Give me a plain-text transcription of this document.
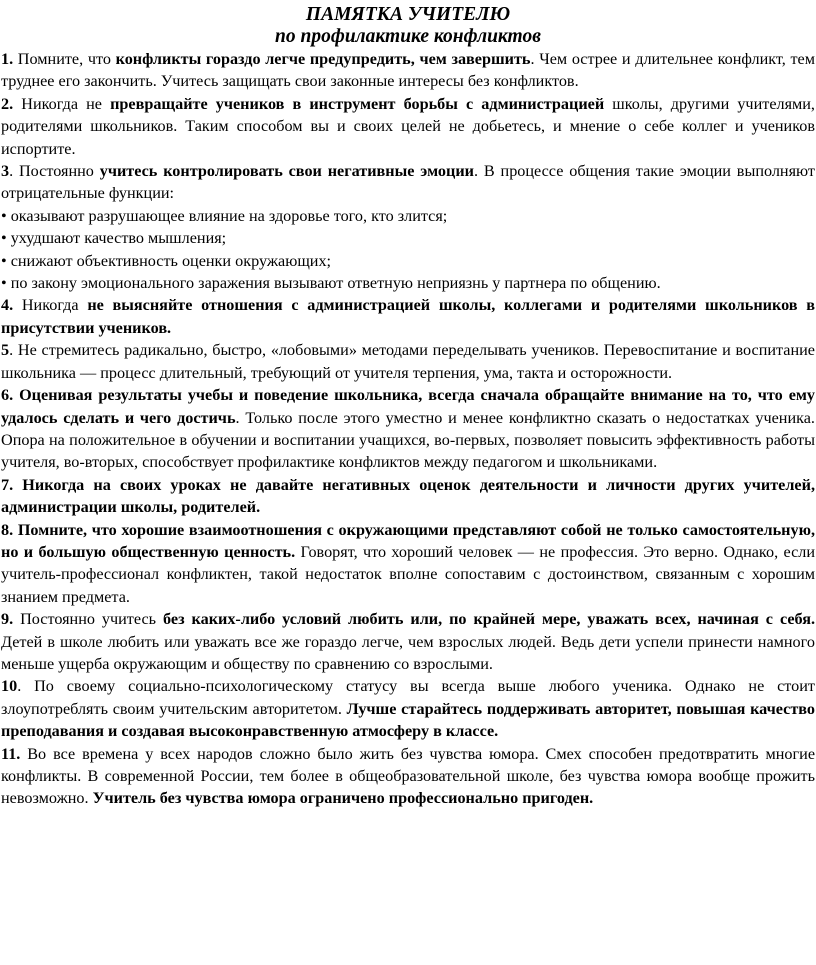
ПАМЯТКА УЧИТЕЛЮ

по профилактике конфликтов

1. Помните, что конфликты гораздо легче предупредить, чем завершить. Чем острее и длительнее конфликт, тем труднее его закончить. Учитесь защищать свои законные интересы без конфликтов.

2. Никогда не превращайте учеников в инструмент борьбы с администрацией школы, другими учителями, родителями школьников. Таким способом вы и своих целей не добьетесь, и мнение о себе коллег и учеников испортите.

3. Постоянно учитесь контролировать свои негативные эмоции. В процессе общения такие эмоции выполняют отрицательные функции:

• оказывают разрушающее влияние на здоровье того, кто злится;

• ухудшают качество мышления;

• снижают объективность оценки окружающих;

• по закону эмоционального заражения вызывают ответную неприязнь у партнера по общению.

4. Никогда не выясняйте отношения с администрацией школы, коллегами и родителями школьников в присутствии учеников.

5. Не стремитесь радикально, быстро, «лобовыми» методами переделывать учеников. Перевоспитание и воспитание школьника — процесс длительный, требующий от учителя терпения, ума, такта и осторожности.

6. Оценивая результаты учебы и поведение школьника, всегда сначала обращайте внимание на то, что ему удалось сделать и чего достичь. Только после этого уместно и менее конфликтно сказать о недостатках ученика. Опора на положительное в обучении и воспитании учащихся, во-первых, позволяет повысить эффективность работы учителя, во-вторых, способствует профилактике конфликтов между педагогом и школьниками.

7. Никогда на своих уроках не давайте негативных оценок деятельности и личности других учителей, администрации школы, родителей.

8. Помните, что хорошие взаимоотношения с окружающими представляют собой не только самостоятельную, но и большую общественную ценность. Говорят, что хороший человек — не профессия. Это верно. Однако, если учитель-профессионал конфликтен, такой недостаток вполне сопоставим с достоинством, связанным с хорошим знанием предмета.

9. Постоянно учитесь без каких-либо условий любить или, по крайней мере, уважать всех, начиная с себя. Детей в школе любить или уважать все же гораздо легче, чем взрослых людей. Ведь дети успели принести намного меньше ущерба окружающим и обществу по сравнению со взрослыми.

10. По своему социально-психологическому статусу вы всегда выше любого ученика. Однако не стоит злоупотреблять своим учительским авторитетом. Лучше старайтесь поддерживать авторитет, повышая качество преподавания и создавая высоконравственную атмосферу в классе.

11. Во все времена у всех народов сложно было жить без чувства юмора. Смех способен предотвратить многие конфликты. В современной России, тем более в общеобразовательной школе, без чувства юмора вообще прожить невозможно. Учитель без чувства юмора ограничено профессионально пригоден.
